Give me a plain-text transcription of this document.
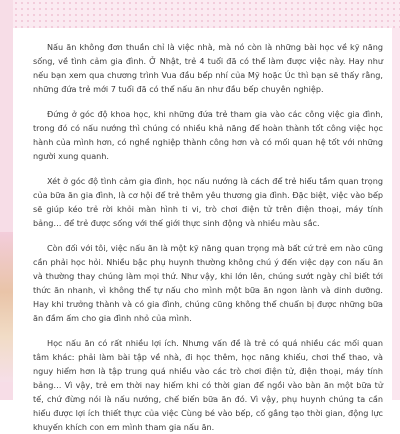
Nấu ăn không đơn thuần chỉ là việc nhà, mà nó còn là những bài học về kỹ năng sống, về tình cảm gia đình. Ở Nhật, trẻ 4 tuổi đã có thể làm được việc này. Hay như nếu bạn xem qua chương trình Vua đầu bếp nhí của Mỹ hoặc Úc thì bạn sẽ thấy rằng, những đứa trẻ mới 7 tuổi đã có thể nấu ăn như đầu bếp chuyên nghiệp.

Đứng ở góc độ khoa học, khi những đứa trẻ tham gia vào các công việc gia đình, trong đó có nấu nướng thì chúng có nhiều khả năng để hoàn thành tốt công việc học hành của mình hơn, có nghề nghiệp thành công hơn và có mối quan hệ tốt với những người xung quanh.

Xét ở góc độ tình cảm gia đình, học nấu nướng là cách để trẻ hiểu tầm quan trọng của bữa ăn gia đình, là cơ hội để trẻ thêm yêu thương gia đình. Đặc biệt, việc vào bếp sẽ giúp kéo trẻ rời khỏi màn hình ti vi, trò chơi điện tử trên điện thoại, máy tính bảng… để trẻ được sống với thế giới thực sinh động và nhiều màu sắc.

Còn đối với tôi, việc nấu ăn là một kỹ năng quan trọng mà bất cứ trẻ em nào cũng cần phải học hỏi. Nhiều bậc phụ huynh thường không chú ý đến việc dạy con nấu ăn và thường thay chúng làm mọi thứ. Như vậy, khi lớn lên, chúng sướt ngày chỉ biết tới thức ăn nhanh, vì không thể tự nấu cho mình một bữa ăn ngon lành và dinh dưỡng. Hay khi trưởng thành và có gia đình, chúng cũng không thể chuẩn bị được những bữa ăn đầm ấm cho gia đình nhỏ của mình.

Học nấu ăn có rất nhiều lợi ích. Nhưng vấn đề là trẻ có quá nhiều các mối quan tâm khác: phải làm bài tập về nhà, đi học thêm, học năng khiếu, chơi thể thao, và nguy hiểm hơn là tập trung quá nhiều vào các trò chơi điện tử, điện thoại, máy tính bảng… Vì vậy, trẻ em thời nay hiếm khi có thời gian để ngồi vào bàn ăn một bữa tử tế, chứ đừng nói là nấu nướng, chế biến bữa ăn đó. Vì vậy, phụ huynh chúng ta cần hiểu được lợi ích thiết thực của việc Cùng bé vào bếp, cố gắng tạo thời gian, động lực khuyến khích con em mình tham gia nấu ăn.
